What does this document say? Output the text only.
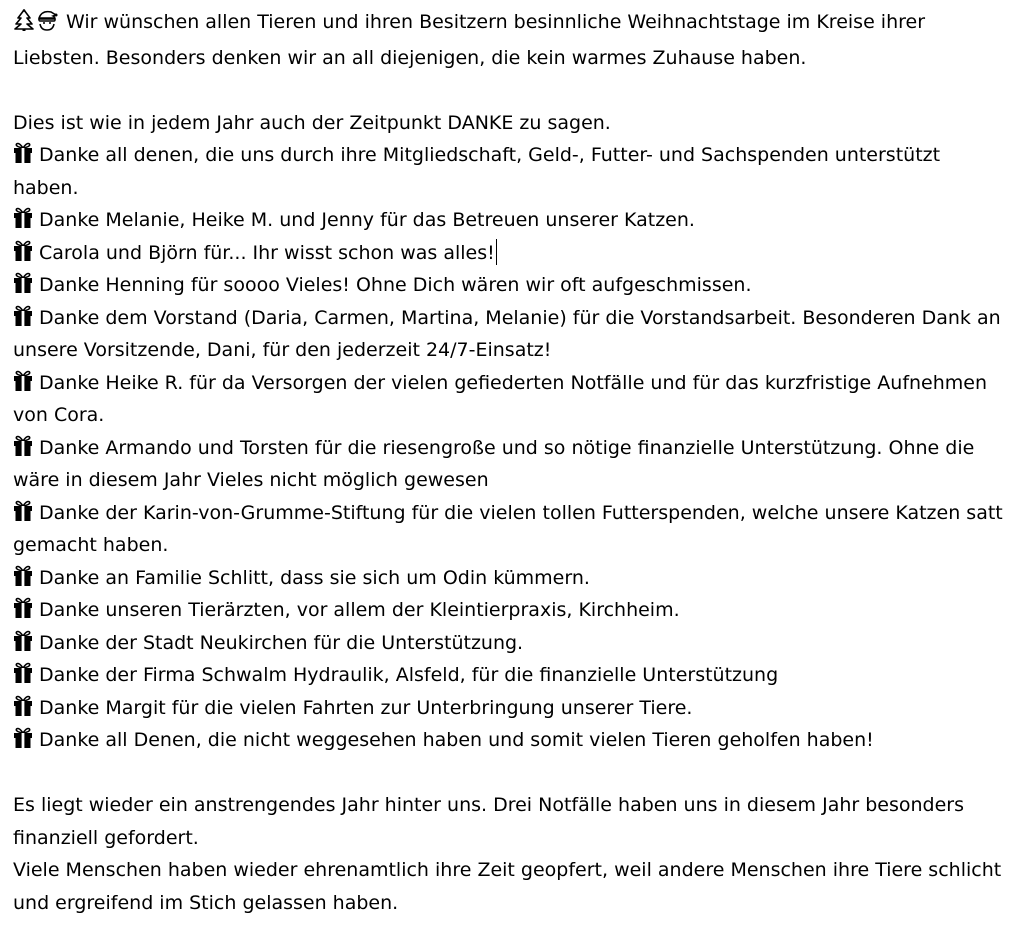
Wir wünschen allen Tieren und ihren Besitzern besinnliche Weihnachtstage im Kreise ihrer Liebsten. Besonders denken wir an all diejenigen, die kein warmes Zuhause haben.

Dies ist wie in jedem Jahr auch der Zeitpunkt DANKE zu sagen.

Danke all denen, die uns durch ihre Mitgliedschaft, Geld-, Futter- und Sachspenden unterstützt haben.

Danke Melanie, Heike M. und Jenny für das Betreuen unserer Katzen.

Carola und Björn für... Ihr wisst schon was alles!

Danke Henning für soooo Vieles! Ohne Dich wären wir oft aufgeschmissen.

Danke dem Vorstand (Daria, Carmen, Martina, Melanie) für die Vorstandsarbeit. Besonderen Dank an unsere Vorsitzende, Dani, für den jederzeit 24/7-Einsatz!

Danke Heike R. für da Versorgen der vielen gefiederten Notfälle und für das kurzfristige Aufnehmen von Cora.

Danke Armando und Torsten für die riesengroße und so nötige finanzielle Unterstützung. Ohne die wäre in diesem Jahr Vieles nicht möglich gewesen

Danke der Karin-von-Grumme-Stiftung für die vielen tollen Futterspenden, welche unsere Katzen satt gemacht haben.

Danke an Familie Schlitt, dass sie sich um Odin kümmern.

Danke unseren Tierärzten, vor allem der Kleintierpraxis, Kirchheim.

Danke der Stadt Neukirchen für die Unterstützung.

Danke der Firma Schwalm Hydraulik, Alsfeld, für die finanzielle Unterstützung

Danke Margit für die vielen Fahrten zur Unterbringung unserer Tiere.

Danke all Denen, die nicht weggesehen haben und somit vielen Tieren geholfen haben!

Es liegt wieder ein anstrengendes Jahr hinter uns. Drei Notfälle haben uns in diesem Jahr besonders finanziell gefordert.

Viele Menschen haben wieder ehrenamtlich ihre Zeit geopfert, weil andere Menschen ihre Tiere schlicht und ergreifend im Stich gelassen haben.
